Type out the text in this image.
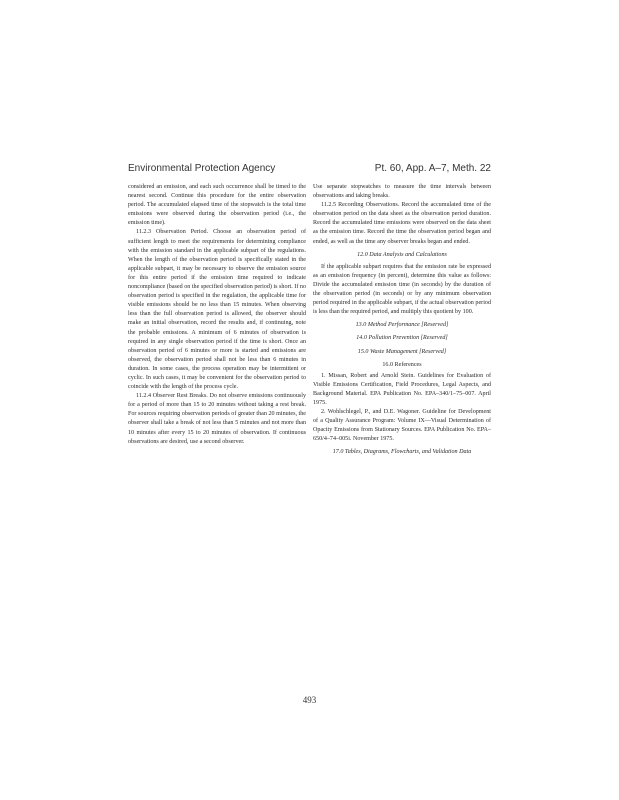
Environmental Protection Agency	Pt. 60, App. A–7, Meth. 22

considered an emission, and each such occurrence shall be timed to the nearest second. Continue this procedure for the entire observation period. The accumulated elapsed time of the stopwatch is the total time emissions were observed during the observation period (i.e., the emission time).

11.2.3 Observation Period. Choose an observation period of sufficient length to meet the requirements for determining compliance with the emission standard in the applicable subpart of the regulations. When the length of the observation period is specifically stated in the applicable subpart, it may be necessary to observe the emission source for this entire period if the emission time required to indicate noncompliance (based on the specified observation period) is short. If no observation period is specified in the regulation, the applicable time for visible emissions should be no less than 15 minutes. When observing less than the full observation period is allowed, the observer should make an initial observation, record the results and, if continuing, note the probable emissions. A minimum of 6 minutes of observation is required in any single observation period if the time is short. Once an observation period of 6 minutes or more is started and emissions are observed, the observation period shall not be less than 6 minutes in duration. In some cases, the process operation may be intermittent or cyclic. In such cases, it may be convenient for the observation period to coincide with the length of the process cycle.

11.2.4 Observer Rest Breaks. Do not observe emissions continuously for a period of more than 15 to 20 minutes without taking a rest break. For sources requiring observation periods of greater than 20 minutes, the observer shall take a break of not less than 5 minutes and not more than 10 minutes after every 15 to 20 minutes of observation. If continuous observations are desired, use a second observer.

Use separate stopwatches to measure the time intervals between observations and taking breaks.

11.2.5 Recording Observations. Record the accumulated time of the observation period on the data sheet as the observation period duration. Record the accumulated time emissions were observed on the data sheet as the emission time. Record the time the observation period began and ended, as well as the time any observer breaks began and ended.

12.0 Data Analysis and Calculations

If the applicable subpart requires that the emission rate be expressed as an emission frequency (in percent), determine this value as follows: Divide the accumulated emission time (in seconds) by the duration of the observation period (in seconds) or by any minimum observation period required in the applicable subpart, if the actual observation period is less than the required period, and multiply this quotient by 100.

13.0 Method Performance [Reserved]
14.0 Pollution Prevention [Reserved]
15.0 Waste Management [Reserved]
16.0 References

1. Missan, Robert and Arnold Stein. Guidelines for Evaluation of Visible Emissions Certification, Field Procedures, Legal Aspects, and Background Material. EPA Publication No. EPA–340/1–75–007. April 1975.

2. Wohlschlegel, P., and D.E. Wagoner. Guideline for Development of a Quality Assurance Program: Volume IX—Visual Determination of Opacity Emissions from Stationary Sources. EPA Publication No. EPA–650/4–74–005i. November 1975.

17.0 Tables, Diagrams, Flowcharts, and Validation Data
493
